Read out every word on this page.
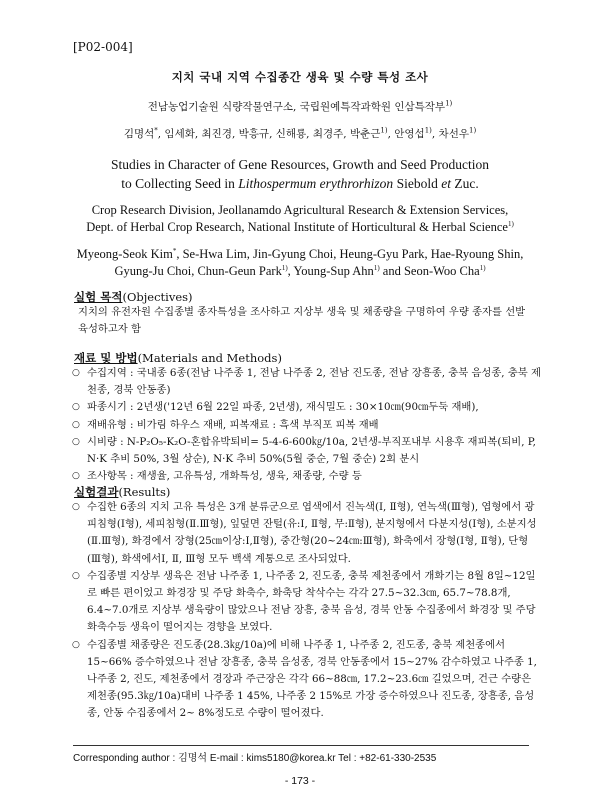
[P02-004]
지치 국내 지역 수집종간 생육 및 수량 특성 조사
전남농업기술원 식량작물연구소, 국립원예특작과학원 인삼특작부$^{1)}$
김명석*, 임세화, 최진경, 박흥규, 신해룡, 최경주, 박춘근$^{1)}$, 안영섭$^{1)}$, 차선우$^{1)}$
Studies in Character of Gene Resources, Growth and Seed Production
to Collecting Seed in Lithospermum erythrorhizon Siebold et Zuc.
Crop Research Division, Jeollanamdo Agricultural Research & Extension Services,
Dept. of Herbal Crop Research, National Institute of Horticultural & Herbal Science$^{1)}$
Myeong-Seok Kim*, Se-Hwa Lim, Jin-Gyung Choi, Heung-Gyu Park, Hae-Ryoung Shin,
Gyung-Ju Choi, Chun-Geun Park$^{1)}$, Young-Sup Ahn$^{1)}$ and Seon-Woo Cha$^{1)}$
실험 목적(Objectives)
지치의 유전자원 수집종별 종자특성을 조사하고 지상부 생육 및 채종량을 구명하여 우량 종자를 선발 육성하고자 함
재료 및 방법(Materials and Methods)
○ 수집지역 : 국내종 6종(전남 나주종 1, 전남 나주종 2, 전남 진도종, 전남 장흥종, 충북 음성종, 충북 제천종, 경북 안동종)
○ 파종시기 : 2년생('12년 6월 22일 파종, 2년생), 재식밀도 : 30×10㎝(90㎝두둑 재배),
○ 재배유형 : 비가림 하우스 재배, 피복재료 : 흑색 부직포 피복 재배
○ 시비량 : N-P₂O₅-K₂O-혼합유박퇴비= 5-4-6-600㎏/10a, 2년생-부직포내부 시용후 재피복(퇴비, P, N·K 추비 50%, 3월 상순), N·K 추비 50%(5월 중순, 7월 중순) 2회 분시
○ 조사항목 : 재생율, 고유특성, 개화특성, 생육, 채종량, 수량 등
실험결과(Results)
○ 수집한 6종의 지치 고유 특성은 3개 분류군으로 엽색에서 진녹색(Ⅰ, Ⅱ형), 연녹색(Ⅲ형), 엽형에서 광피침형(Ⅰ형), 세피침형(Ⅱ.Ⅲ형), 잎덮면 잔털(유:Ⅰ, Ⅱ형, 무:Ⅱ형), 분지형에서 다분지성(Ⅰ형), 소분지성(Ⅱ.Ⅲ형), 화경에서 장형(25㎝이상:Ⅰ,Ⅱ형), 중간형(20~24㎝:Ⅲ형), 화축에서 장형(Ⅰ형, Ⅱ형), 단형(Ⅲ형), 화색에서Ⅰ, Ⅱ, Ⅲ형 모두 백색 계통으로 조사되었다.
○ 수집종별 지상부 생육은 전남 나주종 1, 나주종 2, 진도종, 충북 제천종에서 개화기는 8월 8일~12일로 빠른 편이었고 화경장 및 주당 화축수, 화축당 착삭수는 각각 27.5~32.3㎝, 65.7~78.8개, 6.4~7.0개로 지상부 생육량이 많았으나 전남 장흥, 충북 음성, 경북 안동 수집종에서 화경장 및 주당 화축수등 생육이 떨어지는 경향을 보였다.
○ 수집종별 채종량은 진도종(28.3㎏/10a)에 비해 나주종 1, 나주종 2, 진도종, 충북 제천종에서 15~66% 증수하였으나 전남 장흥종, 충북 음성종, 경북 안동종에서 15~27% 감수하였고 나주종 1, 나주종 2, 진도, 제천종에서 경장과 주근장은 각각 66~88㎝, 17.2~23.6㎝ 길었으며, 건근 수량은 제천종(95.3㎏/10a)대비 나주종 1 45%, 나주종 2 15%로 가장 증수하였으나 진도종, 장흥종, 음성종, 안동 수집종에서 2~ 8%정도로 수량이 떨어졌다.
Corresponding author : 김명석 E-mail : kims5180@korea.kr Tel : +82-61-330-2535
- 173 -
